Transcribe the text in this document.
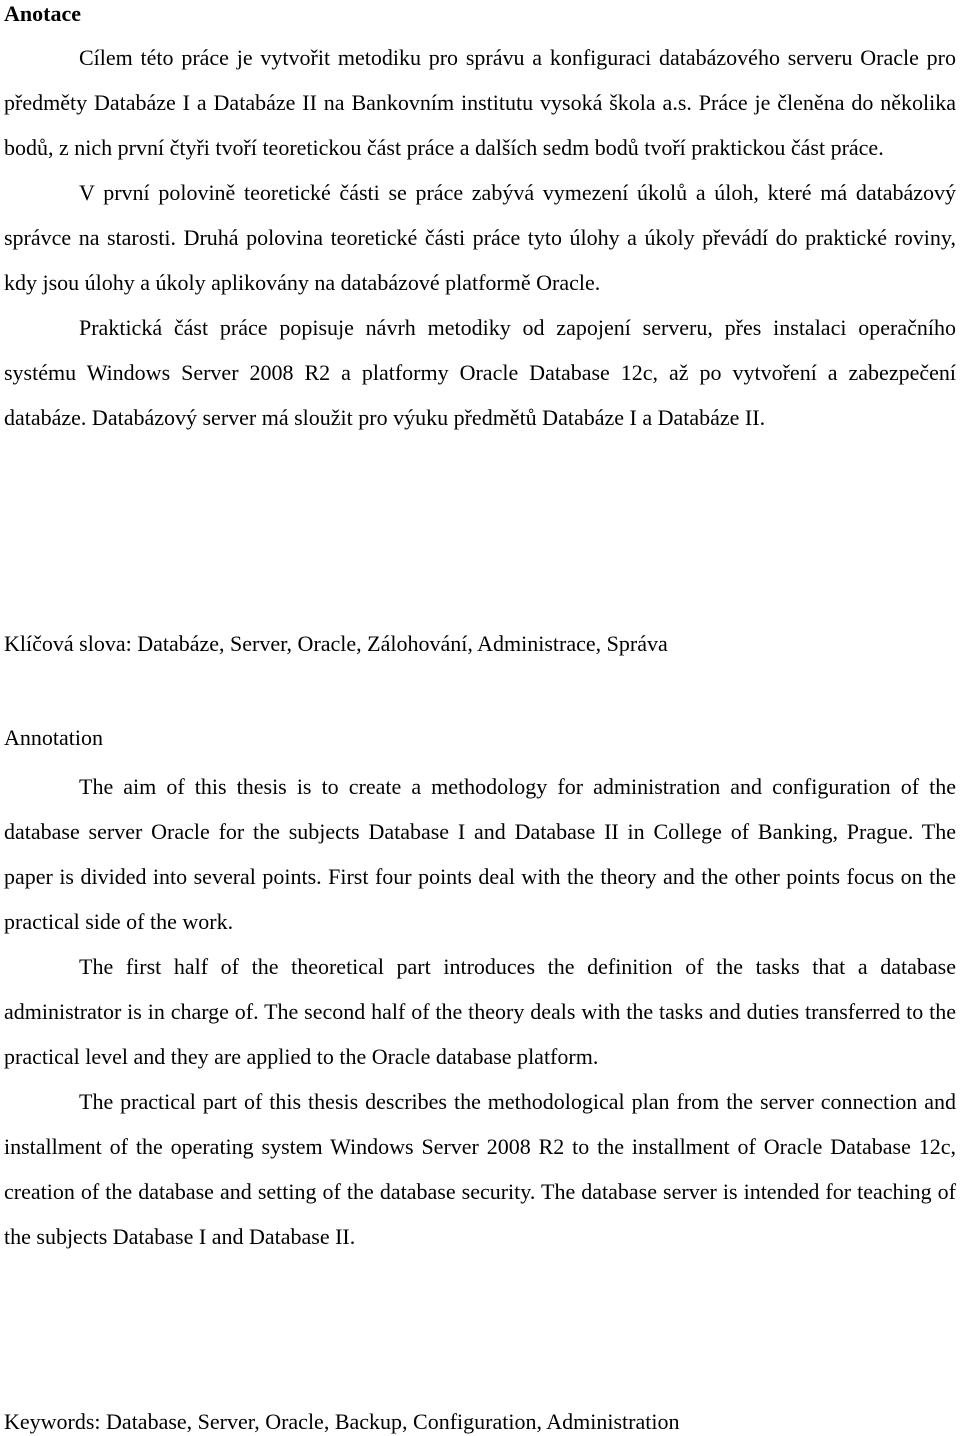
Anotace

Cílem této práce je vytvořit metodiku pro správu a konfiguraci databázového serveru Oracle pro předměty Databáze I a Databáze II na Bankovním institutu vysoká škola a.s. Práce je členěna do několika bodů, z nich první čtyři tvoří teoretickou část práce a dalších sedm bodů tvoří praktickou část práce.

V první polovině teoretické části se práce zabývá vymezení úkolů a úloh, které má databázový správce na starosti. Druhá polovina teoretické části práce tyto úlohy a úkoly převádí do praktické roviny, kdy jsou úlohy a úkoly aplikovány na databázové platformě Oracle.

Praktická část práce popisuje návrh metodiky od zapojení serveru, přes instalaci operačního systému Windows Server 2008 R2 a platformy Oracle Database 12c, až po vytvoření a zabezpečení databáze. Databázový server má sloužit pro výuku předmětů Databáze I a Databáze II.

Klíčová slova: Databáze, Server, Oracle, Zálohování, Administrace, Správa

Annotation

The aim of this thesis is to create a methodology for administration and configuration of the database server Oracle for the subjects Database I and Database II in College of Banking, Prague. The paper is divided into several points. First four points deal with the theory and the other points focus on the practical side of the work.

The first half of the theoretical part introduces the definition of the tasks that a database administrator is in charge of. The second half of the theory deals with the tasks and duties transferred to the practical level and they are applied to the Oracle database platform.

The practical part of this thesis describes the methodological plan from the server connection and installment of the operating system Windows Server 2008 R2 to the installment of Oracle Database 12c, creation of the database and setting of the database security. The database server is intended for teaching of the subjects Database I and Database II.

Keywords: Database, Server, Oracle, Backup, Configuration, Administration
